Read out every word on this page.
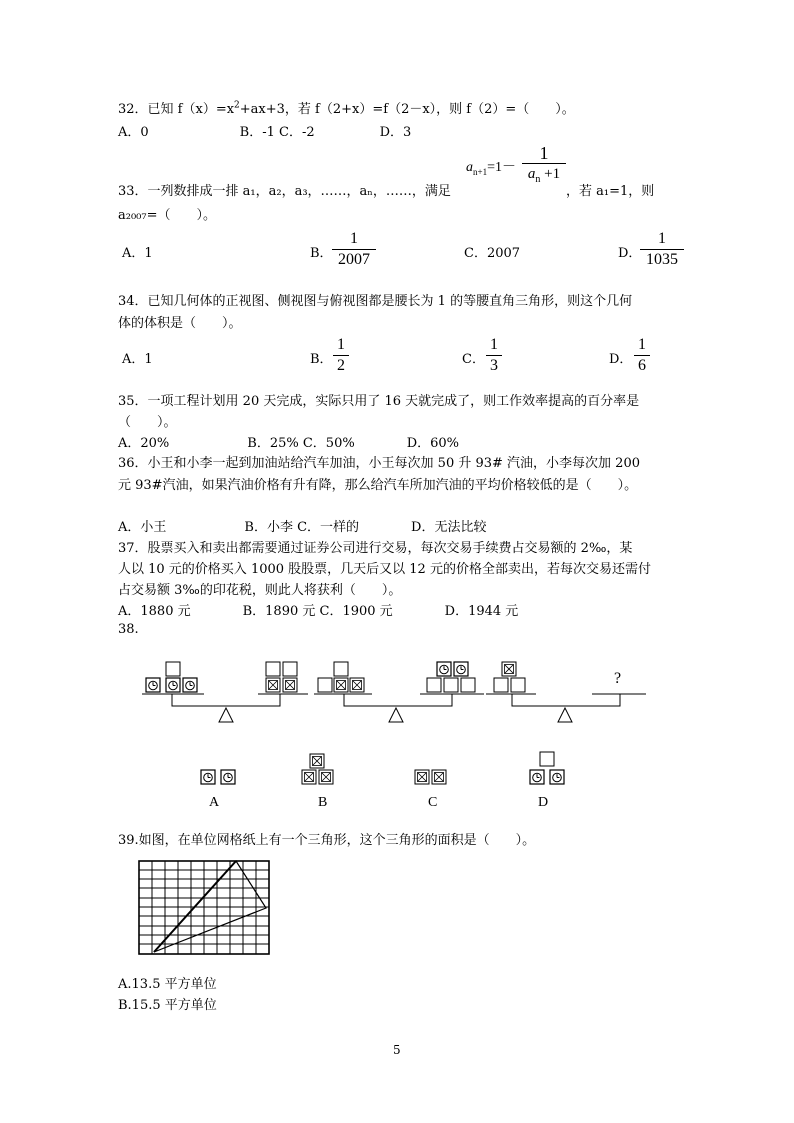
32．已知 $f(x)=x^2+ax+3$，若 f（2+x）=f（2－x），则 f（2）=（　　）。
A．0　　　　　　　B．-1 C．-2　　　　　D．3
$a_{n+1}=1-$
1
$a_n +1$
33．一列数排成一排 a₁，a₂，a₃，……，aₙ，……，满足	，若 a₁=1，则
a₂₀₀₇=（　　）。
A．1	B．
1
2007	C．2007	D．
1
1035
34．已知几何体的正视图、侧视图与俯视图都是腰长为 1 的等腰直角三角形，则这个几何
体的体积是（　　）。
A．1	B．
1
2	C．
1
3	D．
1
6
35．一项工程计划用 20 天完成，实际只用了 16 天就完成了，则工作效率提高的百分率是
（　　）。
A．20%　　　　　　B．25% C．50%　　　　D．60%
36．小王和小李一起到加油站给汽车加油，小王每次加 50 升 93# 汽油，小李每次加 200
元 93#汽油，如果汽油价格有升有降，那么给汽车所加汽油的平均价格较低的是（　　）。
A．小王　　　　　　B．小李 C．一样的　　　　D．无法比较
37．股票买入和卖出都需要通过证券公司进行交易，每次交易手续费占交易额的 2‰，某
人以 10 元的价格买入 1000 股股票，几天后又以 12 元的价格全部卖出，若每次交易还需付
占交易额 3‰的印花税，则此人将获利（　　）。
A．1880 元　　　　B．1890 元 C．1900 元　　　　D．1944 元
38.
?
A	B	C	D
39.如图，在单位网格纸上有一个三角形，这个三角形的面积是（　　）。
A.13.5 平方单位
B.15.5 平方单位
5
